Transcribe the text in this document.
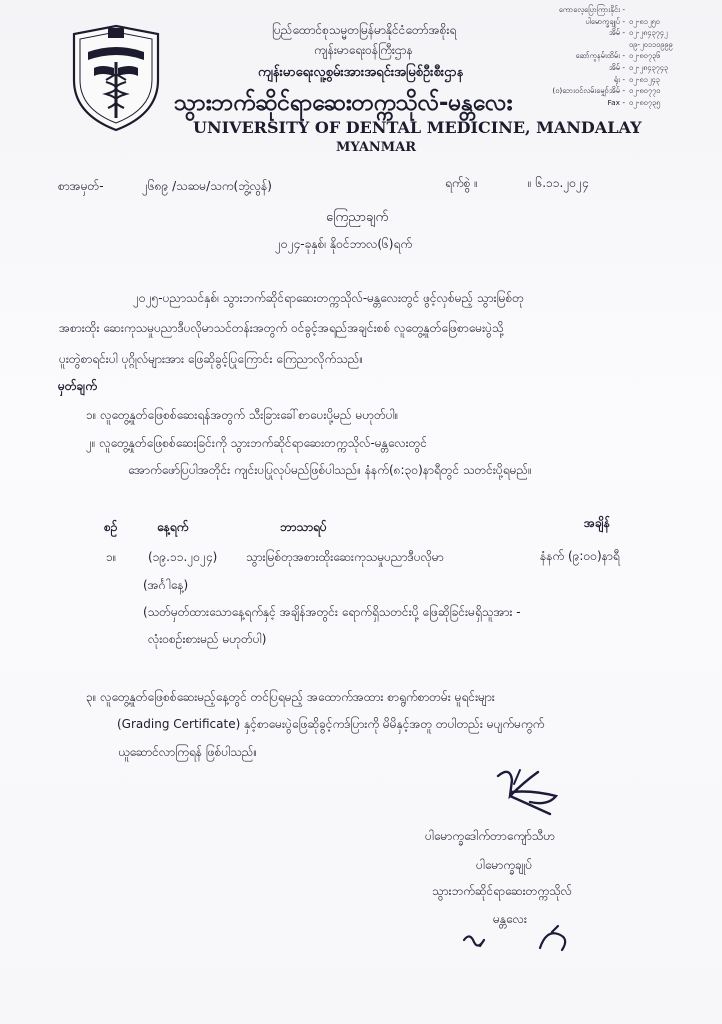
ပြည်ထောင်စုသမ္မတမြန်မာနိုင်ငံတော်အစိုးရ
ကျန်းမာရေးဝန်ကြီးဌာန
ကျန်းမာရေးလူ့စွမ်းအားအရင်းအမြစ်ဦးစီးဌာန
သွားဘက်ဆိုင်ရာဆေးတက္ကသိုလ်-မန္တလေး
UNIVERSITY OF DENTAL MEDICINE, MANDALAY
MYANMAR
ကောလေ့ပြောကြားနိုင်း -
ပါမောက္ခချုပ် - ၀၂-၈၁၂၅၀
အိမ် - ၀၂-၂၈၄၃၇၄၂
၀၉-၂၀၁၁၀၉၉၉
ဆော်ကူနမ်းထိမ်း - ၀၂-၈၀၇၃၆
အိမ် - ၀၂-၂၈၄၃၇၄၃
ရုံး - ၀၂-၈၁၂၄၃
(ဝ)ဘေးဝင်လမ်းမျှော်အိမ် - ၀၂-၈၀၇၇၀
Fax - ၀၂-၈၀၇၃၅
စာအမှတ်-	၂၆၈၉ /သဆမ/သက(ဘွဲ့လွန်)	ရက်စွဲ ။	။ ၆.၁၁.၂၀၂၄
ကြေညာချက်
၂၀၂၄-ခုနှစ်၊ နိုဝင်ဘာလ(၆)ရက်
၂၀၂၅-ပညာသင်နှစ်၊ သွားဘက်ဆိုင်ရာဆေးတက္ကသိုလ်-မန္တလေးတွင် ဖွင့်လှစ်မည့် သွားမြစ်တု
အစားထိုး ဆေးကုသမှုပညာဒီပလိုမာသင်တန်းအတွက် ဝင်ခွင့်အရည်အချင်းစစ် လူတွေ့နှုတ်ဖြေစာမေးပွဲသို့
ပူးတွဲစာရင်းပါ ပုဂ္ဂိုလ်များအား ဖြေဆိုခွင့်ပြုကြောင်း ကြေညာလိုက်သည်။
မှတ်ချက်
၁။ လူတွေ့နှုတ်ဖြေစစ်ဆေးရန်အတွက် သီးခြားခေါ်စာပေးပို့မည် မဟုတ်ပါ။
၂။ လူတွေ့နှုတ်ဖြေစစ်ဆေးခြင်းကို သွားဘက်ဆိုင်ရာဆေးတက္ကသိုလ်-မန္တလေးတွင်
အောက်ဖော်ပြပါအတိုင်း ကျင်းပပြုလုပ်မည်ဖြစ်ပါသည်။ နံနက်(၈:၃၀)နာရီတွင် သတင်းပို့ရမည်။
စဉ်	နေ့ရက်	ဘာသာရပ်	အချိန်
၁။	(၁၉.၁၁.၂၀၂၄) သွားမြစ်တုအစားထိုးဆေးကုသမှုပညာဒီပလိုမာ	နံနက် (၉:၀၀)နာရီ
(အင်္ဂါနေ့)
(သတ်မှတ်ထားသောနေ့ရက်နှင့် အချိန်အတွင်း ရောက်ရှိသတင်းပို့ ဖြေဆိုခြင်းမရှိသူအား -
လုံးဝစဉ်းစားမည် မဟုတ်ပါ)
၃။ လူတွေ့နှုတ်ဖြေစစ်ဆေးမည့်နေ့တွင် တင်ပြရမည့် အထောက်အထား စာရွက်စာတမ်း မူရင်းများ
(Grading Certificate) နှင့်စာမေးပွဲဖြေဆိုခွင့်ကဒ်ပြားကို မိမိနှင့်အတူ တပါတည်း မပျက်မကွက်
ယူဆောင်လာကြရန် ဖြစ်ပါသည်။
ပါမောက္ခဒေါက်တာကျော်သီဟ
ပါမောက္ခချုပ်
သွားဘက်ဆိုင်ရာဆေးတက္ကသိုလ်
မန္တလေး
